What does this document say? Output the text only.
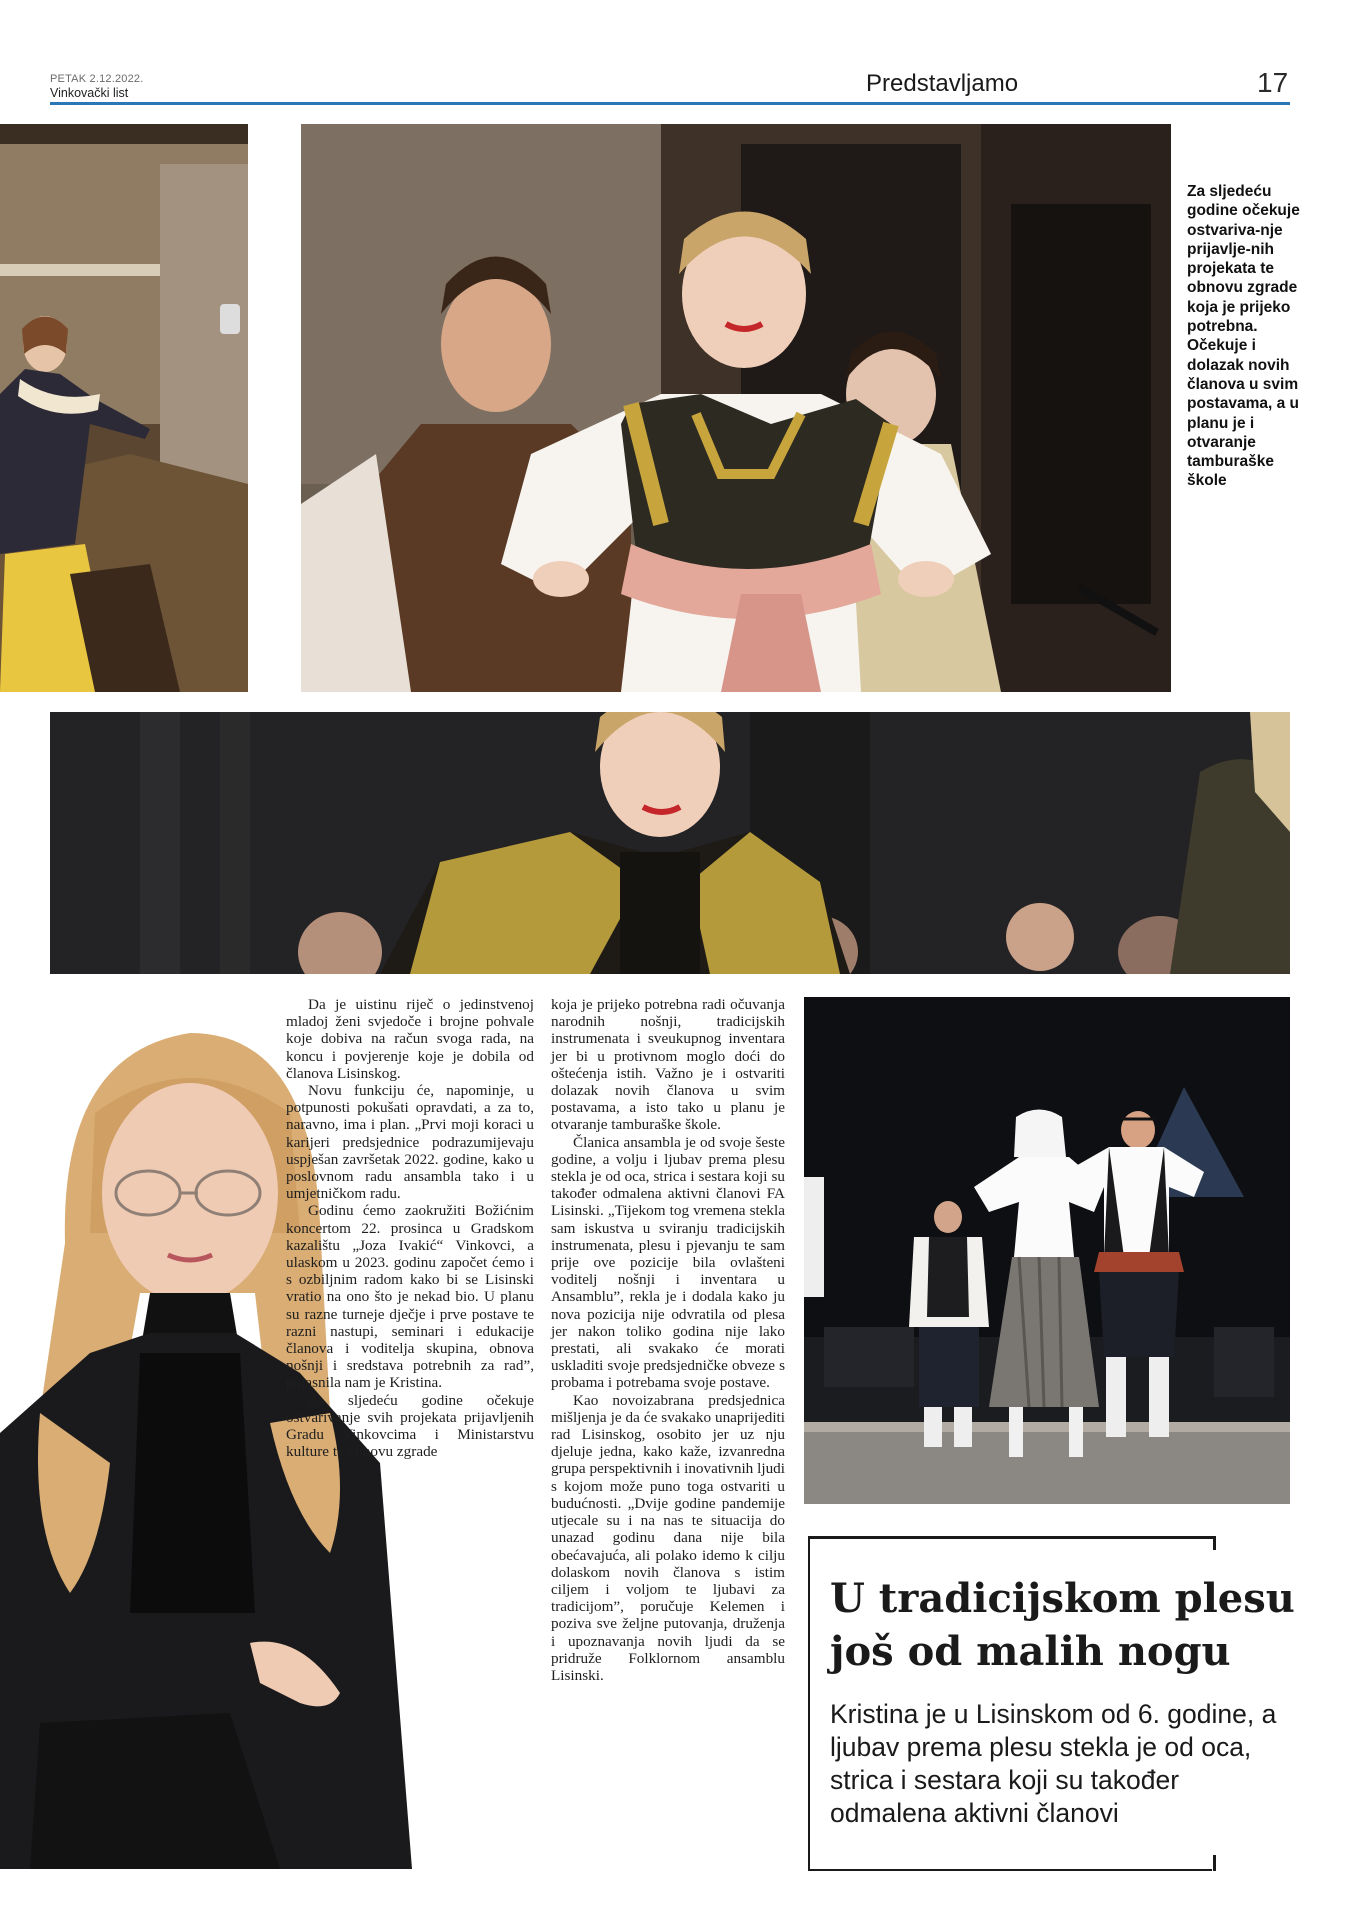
PETAK 2.12.2022.
Vinkovački list	Predstavljamo	17
Za sljedeću godine očekuje ostvariva-nje prijavlje-nih projekata te obnovu zgrade koja je prijeko potrebna. Očekuje i dolazak novih članova u svim postavama, a u planu je i otvaranje tamburaške škole

Da je uistinu riječ o jedinstvenoj mladoj ženi svjedoče i brojne pohvale koje dobiva na račun svoga rada, na koncu i povjerenje koje je dobila od članova Lisinskog.

Novu funkciju će, napominje, u potpunosti pokušati opravdati, a za to, naravno, ima i plan. „Prvi moji koraci u karijeri predsjednice podrazumijevaju uspješan završetak 2022. godine, kako u poslovnom radu ansambla tako i u umjetničkom radu.

Godinu ćemo zaokružiti Božićnim koncertom 22. prosinca u Gradskom kazalištu „Joza Ivakić“ Vinkovci, a ulaskom u 2023. godinu započet ćemo i s ozbiljnim radom kako bi se Lisinski vratio na ono što je nekad bio. U planu su razne turneje dječje i prve postave te razni nastupi, seminari i edukacije članova i voditelja skupina, obnova nošnji i sredstava potrebnih za rad”, pojasnila nam je Kristina.

Za sljedeću godine očekuje ostvarivanje svih projekata prijavljenih Gradu Vinkovcima i Ministarstvu kulture te obnovu zgrade

koja je prijeko potrebna radi očuvanja narodnih nošnji, tradicijskih instrumenata i sveukupnog inventara jer bi u protivnom moglo doći do oštećenja istih. Važno je i ostvariti dolazak novih članova u svim postavama, a isto tako u planu je otvaranje tamburaške škole.

Članica ansambla je od svoje šeste godine, a volju i ljubav prema plesu stekla je od oca, strica i sestara koji su također odmalena aktivni članovi FA Lisinski. „Tijekom tog vremena stekla sam iskustva u sviranju tradicijskih instrumenata, plesu i pjevanju te sam prije ove pozicije bila ovlašteni voditelj nošnji i inventara u Ansamblu”, rekla je i dodala kako ju nova pozicija nije odvratila od plesa jer nakon toliko godina nije lako prestati, ali svakako će morati uskladiti svoje predsjedničke obveze s probama i potrebama svoje postave.

Kao novoizabrana predsjednica mišljenja je da će svakako unaprijediti rad Lisinskog, osobito jer uz nju djeluje jedna, kako kaže, izvanredna grupa perspektivnih i inovativnih ljudi s kojom može puno toga ostvariti u budućnosti. „Dvije godine pandemije utjecale su i na nas te situacija do unazad godinu dana nije bila obećavajuća, ali polako idemo k cilju dolaskom novih članova s istim ciljem i voljom te ljubavi za tradicijom”, poručuje Kelemen i poziva sve željne putovanja, druženja i upoznavanja novih ljudi da se pridruže Folklornom ansamblu Lisinski.

U tradicijskom plesu još od malih nogu
Kristina je u Lisinskom od 6. godine, a ljubav prema plesu stekla je od oca, strica i sestara koji su također odmalena aktivni članovi
